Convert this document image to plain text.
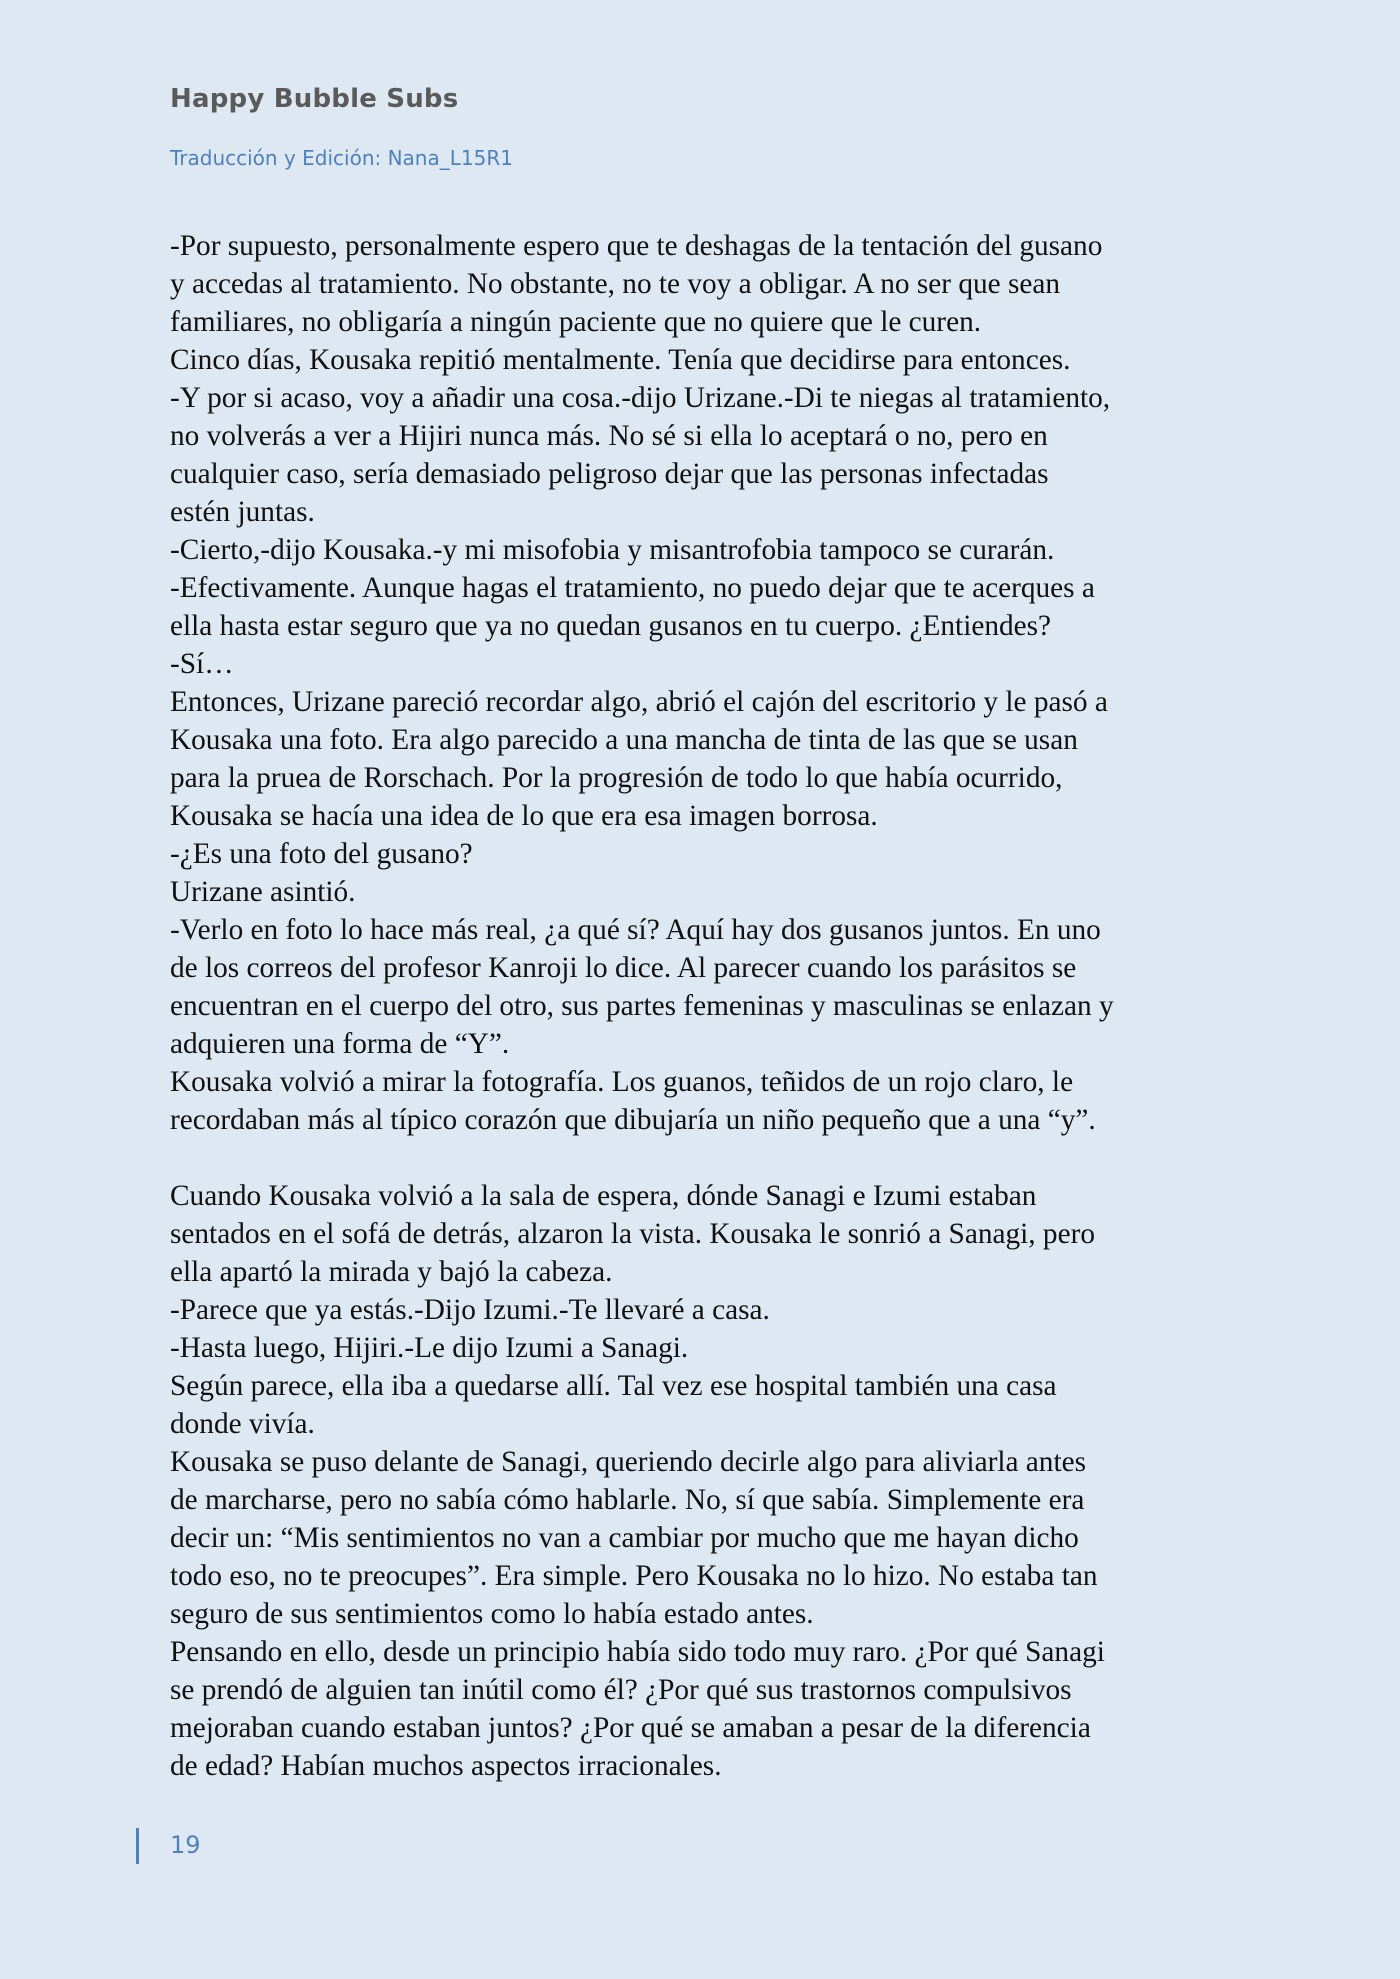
Happy Bubble Subs
Traducción y Edición: Nana_L15R1

-Por supuesto, personalmente espero que te deshagas de la tentación del gusano

y accedas al tratamiento. No obstante, no te voy a obligar. A no ser que sean

familiares, no obligaría a ningún paciente que no quiere que le curen.

Cinco días, Kousaka repitió mentalmente. Tenía que decidirse para entonces.

-Y por si acaso, voy a añadir una cosa.-dijo Urizane.-Di te niegas al tratamiento,

no volverás a ver a Hijiri nunca más. No sé si ella lo aceptará o no, pero en

cualquier caso, sería demasiado peligroso dejar que las personas infectadas

estén juntas.

-Cierto,-dijo Kousaka.-y mi misofobia y misantrofobia tampoco se curarán.

-Efectivamente. Aunque hagas el tratamiento, no puedo dejar que te acerques a

ella hasta estar seguro que ya no quedan gusanos en tu cuerpo. ¿Entiendes?

-Sí…

Entonces, Urizane pareció recordar algo, abrió el cajón del escritorio y le pasó a

Kousaka una foto. Era algo parecido a una mancha de tinta de las que se usan

para la pruea de Rorschach. Por la progresión de todo lo que había ocurrido,

Kousaka se hacía una idea de lo que era esa imagen borrosa.

-¿Es una foto del gusano?

Urizane asintió.

-Verlo en foto lo hace más real, ¿a qué sí? Aquí hay dos gusanos juntos. En uno

de los correos del profesor Kanroji lo dice. Al parecer cuando los parásitos se

encuentran en el cuerpo del otro, sus partes femeninas y masculinas se enlazan y

adquieren una forma de “Y”.

Kousaka volvió a mirar la fotografía. Los guanos, teñidos de un rojo claro, le

recordaban más al típico corazón que dibujaría un niño pequeño que a una “y”.

Cuando Kousaka volvió a la sala de espera, dónde Sanagi e Izumi estaban

sentados en el sofá de detrás, alzaron la vista. Kousaka le sonrió a Sanagi, pero

ella apartó la mirada y bajó la cabeza.

-Parece que ya estás.-Dijo Izumi.-Te llevaré a casa.

-Hasta luego, Hijiri.-Le dijo Izumi a Sanagi.

Según parece, ella iba a quedarse allí. Tal vez ese hospital también una casa

donde vivía.

Kousaka se puso delante de Sanagi, queriendo decirle algo para aliviarla antes

de marcharse, pero no sabía cómo hablarle. No, sí que sabía. Simplemente era

decir un: “Mis sentimientos no van a cambiar por mucho que me hayan dicho

todo eso, no te preocupes”. Era simple. Pero Kousaka no lo hizo. No estaba tan

seguro de sus sentimientos como lo había estado antes.

Pensando en ello, desde un principio había sido todo muy raro. ¿Por qué Sanagi

se prendó de alguien tan inútil como él? ¿Por qué sus trastornos compulsivos

mejoraban cuando estaban juntos? ¿Por qué se amaban a pesar de la diferencia

de edad? Habían muchos aspectos irracionales.

19
